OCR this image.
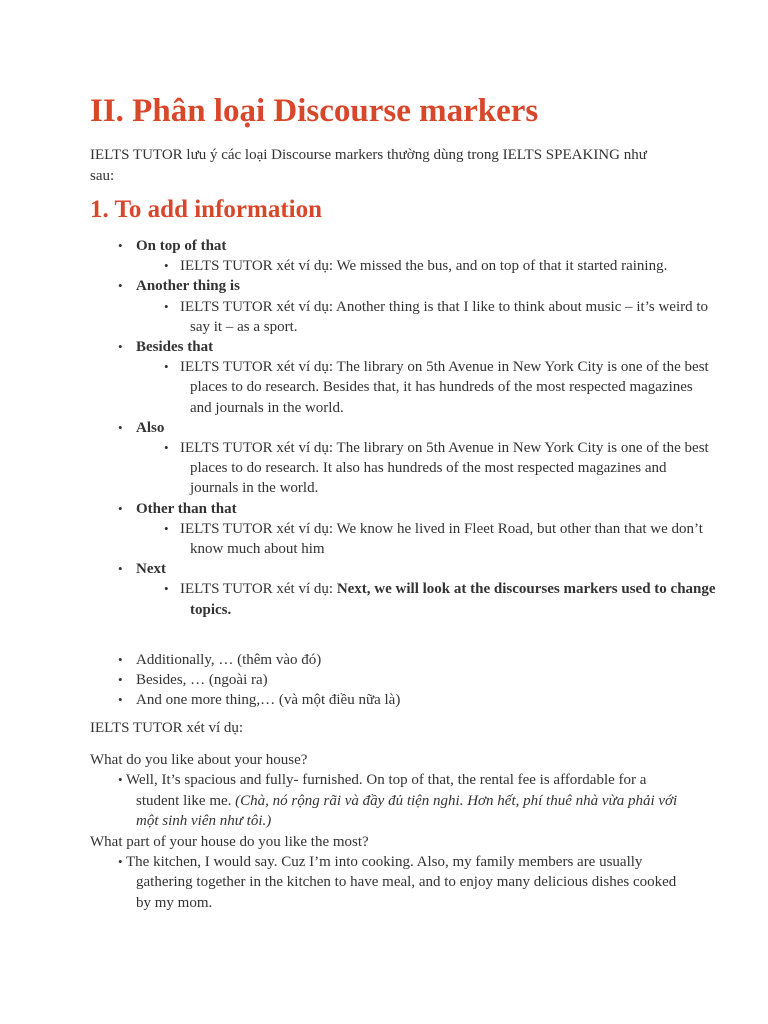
II. Phân loại Discourse markers

IELTS TUTOR lưu ý các loại Discourse markers thường dùng trong IELTS SPEAKING như sau:

1. To add information
• On top of that
• IELTS TUTOR xét ví dụ: We missed the bus, and on top of that it started raining.
• Another thing is
• IELTS TUTOR xét ví dụ: Another thing is that I like to think about music – it’s weird to say it – as a sport.
• Besides that
• IELTS TUTOR xét ví dụ: The library on 5th Avenue in New York City is one of the best places to do research. Besides that, it has hundreds of the most respected magazines and journals in the world.
• Also
• IELTS TUTOR xét ví dụ: The library on 5th Avenue in New York City is one of the best places to do research. It also has hundreds of the most respected magazines and journals in the world.
• Other than that
• IELTS TUTOR xét ví dụ: We know he lived in Fleet Road, but other than that we don’t know much about him
• Next
• IELTS TUTOR xét ví dụ: Next, we will look at the discourses markers used to change topics.
• Additionally, … (thêm vào đó)
• Besides, … (ngoài ra)
• And one more thing,… (và một điều nữa là)
IELTS TUTOR xét ví dụ:
What do you like about your house?
• Well, It’s spacious and fully- furnished. On top of that, the rental fee is affordable for a student like me. (Chà, nó rộng rãi và đầy đủ tiện nghi. Hơn hết, phí thuê nhà vừa phải với một sinh viên như tôi.)
What part of your house do you like the most?
• The kitchen, I would say. Cuz I’m into cooking. Also, my family members are usually gathering together in the kitchen to have meal, and to enjoy many delicious dishes cooked by my mom.
